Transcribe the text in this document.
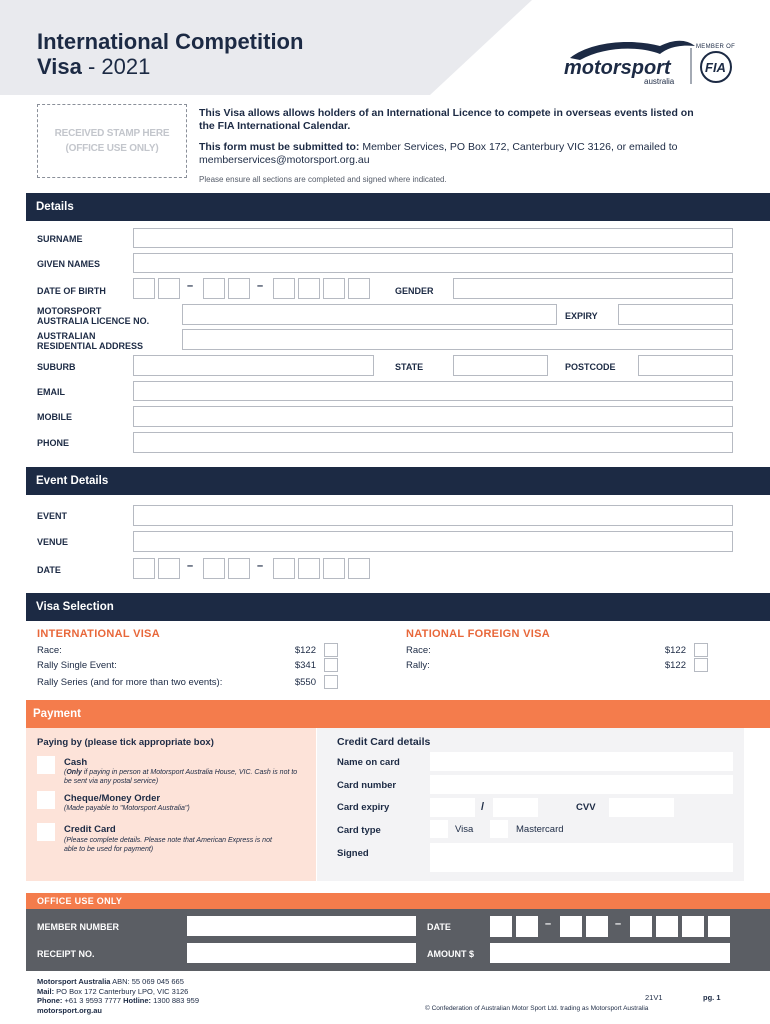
International Competition
Visa - 2021	motorsport
australia
FIA
MEMBER OF
RECEIVED STAMP HERE
(OFFICE USE ONLY)
This Visa allows allows holders of an International Licence to compete in overseas events listed on the FIA International Calendar.
This form must be submitted to: Member Services, PO Box 172, Canterbury VIC 3126, or emailed to memberservices@motorsport.org.au
Please ensure all sections are completed and signed where indicated.
Details
SURNAME
GIVEN NAMES
DATE OF BIRTH	–	–	GENDER
MOTORSPORT
AUSTRALIA LICENCE NO.	EXPIRY
AUSTRALIAN
RESIDENTIAL ADDRESS
SUBURB	STATE	POSTCODE
EMAIL
MOBILE
PHONE
Event Details
EVENT
VENUE
DATE	–	–
Visa Selection
INTERNATIONAL VISA	NATIONAL FOREIGN VISA
Race:	$122
Rally Single Event:	$341
Rally Series (and for more than two events):	$550
Race:	$122
Rally:	$122
Payment
Paying by (please tick appropriate box)
Cash
(Only if paying in person at Motorsport Australia House, VIC. Cash is not to be sent via any postal service)
Cheque/Money Order
(Made payable to "Motorsport Australia")
Credit Card
(Please complete details. Please note that American Express is not able to be used for payment)
Credit Card details
Name on card
Card number
Card expiry	/	CVV
Card type	Visa	Mastercard
Signed
OFFICE USE ONLY
MEMBER NUMBER	DATE	–	–
RECEIPT NO.	AMOUNT $
Motorsport Australia ABN: 55 069 045 665
Mail: PO Box 172 Canterbury LPO, VIC 3126
Phone: +61 3 9593 7777 Hotline: 1300 883 959
motorsport.org.au
21V1	pg. 1
© Confederation of Australian Motor Sport Ltd. trading as Motorsport Australia
